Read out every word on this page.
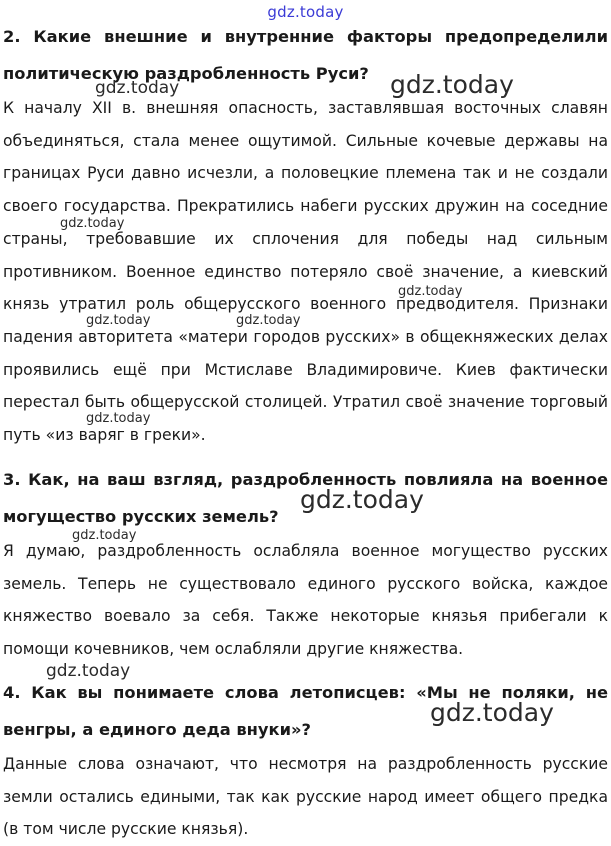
gdz.today

2. Какие внешние и внутренние факторы предопределили политическую раздробленность Руси?

К началу XII в. внешняя опасность, заставлявшая восточных славян объединяться, стала менее ощутимой. Сильные кочевые державы на границах Руси давно исчезли, а половецкие племена так и не создали своего государства. Прекратились набеги русских дружин на соседние страны, требовавшие их сплочения для победы над сильным противником. Военное единство потеряло своё значение, а киевский князь утратил роль общерусского военного предводителя. Признаки падения авторитета «матери городов русских» в общекняжеских делах проявились ещё при Мстиславе Владимировиче. Киев фактически перестал быть общерусской столицей. Утратил своё значение торговый путь «из варяг в греки».

3. Как, на ваш взгляд, раздробленность повлияла на военное могущество русских земель?

Я думаю, раздробленность ослабляла военное могущество русских земель. Теперь не существовало единого русского войска, каждое княжество воевало за себя. Также некоторые князья прибегали к помощи кочевников, чем ослабляли другие княжества.

4. Как вы понимаете слова летописцев: «Мы не поляки, не венгры, а единого деда внуки»?

Данные слова означают, что несмотря на раздробленность русские земли остались едиными, так как русские народ имеет общего предка (в том числе русские князья).

gdz.today
gdz.today
gdz.today
gdz.today
gdz.today	gdz.today
gdz.today
gdz.today
gdz.today
gdz.today
gdz.today
